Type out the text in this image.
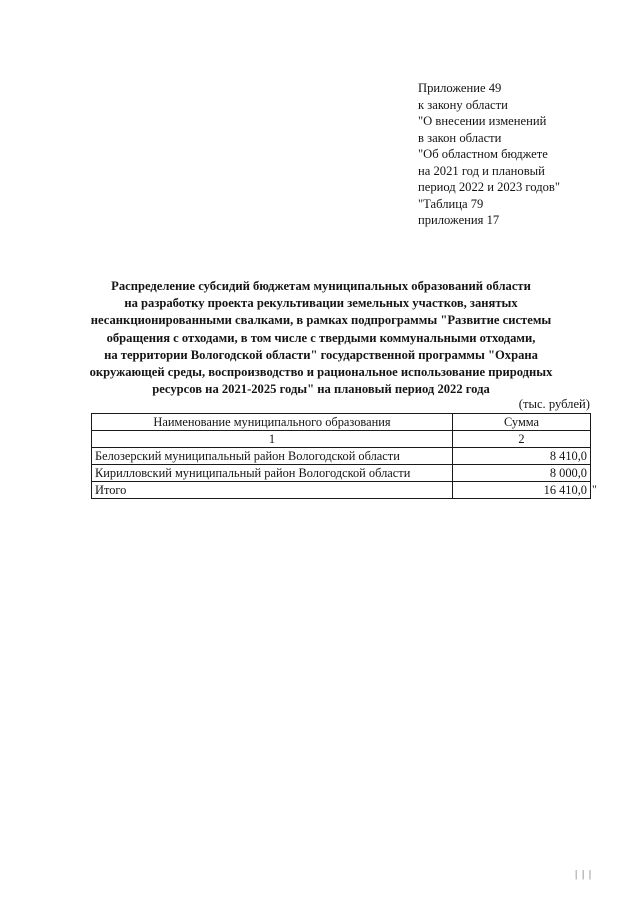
Приложение 49
к закону области
"О внесении изменений
в закон области
"Об областном бюджете
на 2021 год и плановый
период 2022 и 2023 годов"
"Таблица 79
приложения 17
Распределение субсидий бюджетам муниципальных образований области
на разработку проекта рекультивации земельных участков, занятых
несанкционированными свалками, в рамках подпрограммы "Развитие системы
обращения с отходами, в том числе с твердыми коммунальными отходами,
на территории Вологодской области" государственной программы "Охрана
окружающей среды, воспроизводство и рациональное использование природных
ресурсов на 2021-2025 годы" на плановый период 2022 года
(тыс. рублей)
Наименование муниципального образования	Сумма
1	2
Белозерский муниципальный район Вологодской области	8 410,0
Кирилловский муниципальный район Вологодской области	8 000,0
Итого	16 410,0 "
| | |
